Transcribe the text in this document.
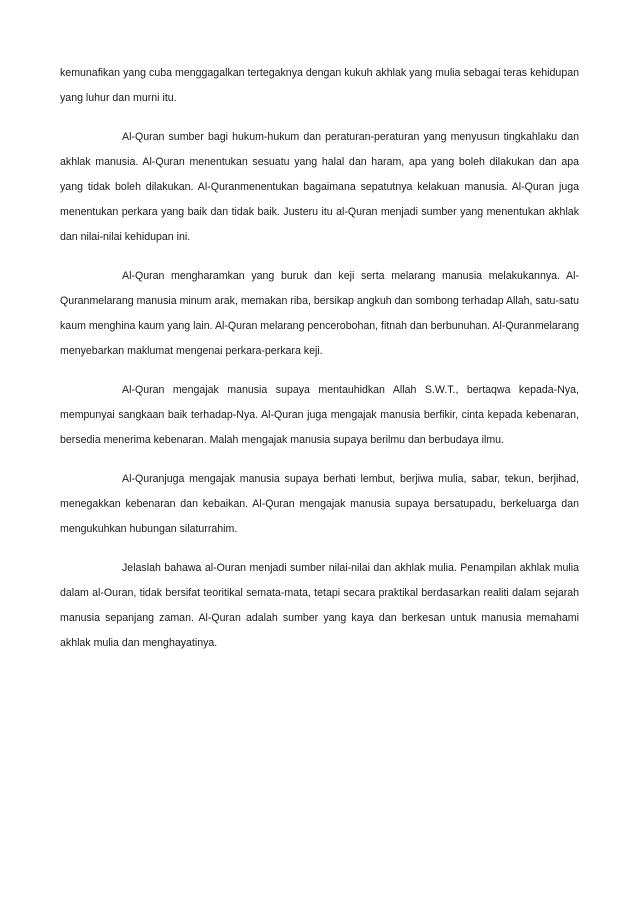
kemunafikan yang cuba menggagalkan tertegaknya dengan kukuh akhlak yang mulia sebagai teras kehidupan yang luhur dan murni itu.

Al-Quran sumber bagi hukum-hukum dan peraturan-peraturan yang menyusun tingkahlaku dan akhlak manusia. Al-Quran menentukan sesuatu yang halal dan haram, apa yang boleh dilakukan dan apa yang tidak boleh dilakukan. Al-Quranmenentukan bagaimana sepatutnya kelakuan manusia. Al-Quran juga menentukan perkara yang baik dan tidak baik. Justeru itu al-Quran menjadi sumber yang menentukan akhlak dan nilai-nilai kehidupan ini.

Al-Quran mengharamkan yang buruk dan keji serta melarang manusia melakukannya. Al-Quranmelarang manusia minum arak, memakan riba, bersikap angkuh dan sombong terhadap Allah, satu-satu kaum menghina kaum yang lain. Al-Quran melarang pencerobohan, fitnah dan berbunuhan. Al-Quranmelarang menyebarkan maklumat mengenai perkara-perkara keji.

Al-Quran mengajak manusia supaya mentauhidkan Allah S.W.T., bertaqwa kepada-Nya, mempunyai sangkaan baik terhadap-Nya. Al-Quran juga mengajak manusia berfikir, cinta kepada kebenaran, bersedia menerima kebenaran. Malah mengajak manusia supaya berilmu dan berbudaya ilmu.

Al-Quranjuga mengajak manusia supaya berhati lembut, berjiwa mulia, sabar, tekun, berjihad, menegakkan kebenaran dan kebaikan. Al-Quran mengajak manusia supaya bersatupadu, berkeluarga dan mengukuhkan hubungan silaturrahim.

Jelaslah bahawa al-Ouran menjadi sumber nilai-nilai dan akhlak mulia. Penampilan akhlak mulia dalam al-Ouran, tidak bersifat teoritikal semata-mata, tetapi secara praktikal berdasarkan realiti dalam sejarah manusia sepanjang zaman. Al-Quran adalah sumber yang kaya dan berkesan untuk manusia memahami akhlak mulia dan menghayatinya.
